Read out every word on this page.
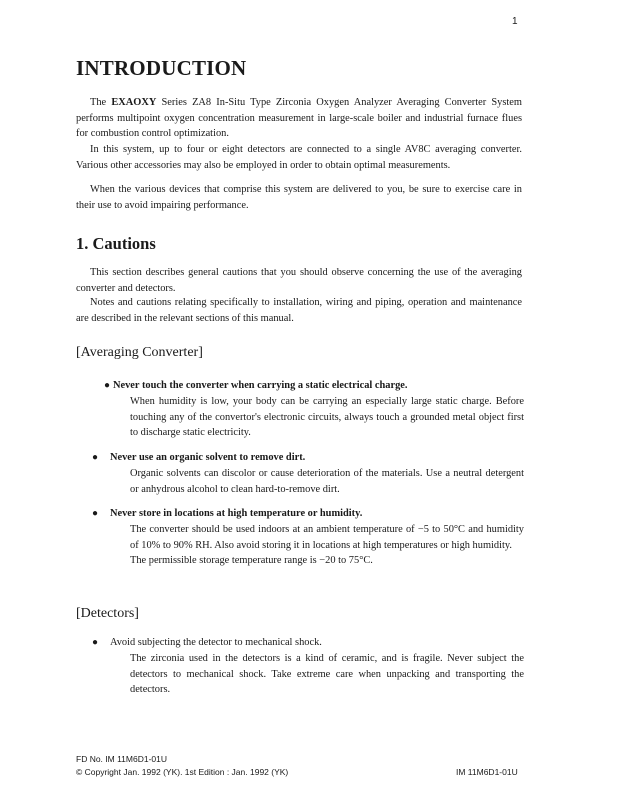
1
INTRODUCTION

The EXAOXY Series ZA8 In-Situ Type Zirconia Oxygen Analyzer Averaging Converter System performs multipoint oxygen concentration measurement in large-scale boiler and industrial furnace flues for combustion control optimization.

In this system, up to four or eight detectors are connected to a single AV8C averaging converter. Various other accessories may also be employed in order to obtain optimal measurements.

When the various devices that comprise this system are delivered to you, be sure to exercise care in their use to avoid impairing performance.

1. Cautions

This section describes general cautions that you should observe concerning the use of the averaging converter and detectors.

Notes and cautions relating specifically to installation, wiring and piping, operation and maintenance are described in the relevant sections of this manual.

[Averaging Converter]
● Never touch the converter when carrying a static electrical charge.
When humidity is low, your body can be carrying an especially large static charge. Before touching any of the convertor's electronic circuits, always touch a grounded metal object first to discharge static electricity.
●	Never use an organic solvent to remove dirt.
Organic solvents can discolor or cause deterioration of the materials. Use a neutral detergent or anhydrous alcohol to clean hard-to-remove dirt.
●	Never store in locations at high temperature or humidity.
The converter should be used indoors at an ambient temperature of −5 to 50°C and humidity of 10% to 90% RH. Also avoid storing it in locations at high temperatures or high humidity.
The permissible storage temperature range is −20 to 75°C.
[Detectors]
●	Avoid subjecting the detector to mechanical shock.
The zirconia used in the detectors is a kind of ceramic, and is fragile. Never subject the detectors to mechanical shock. Take extreme care when unpacking and transporting the detectors.
FD No. IM 11M6D1-01U
© Copyright Jan. 1992 (YK). 1st Edition : Jan. 1992 (YK)	IM 11M6D1-01U
